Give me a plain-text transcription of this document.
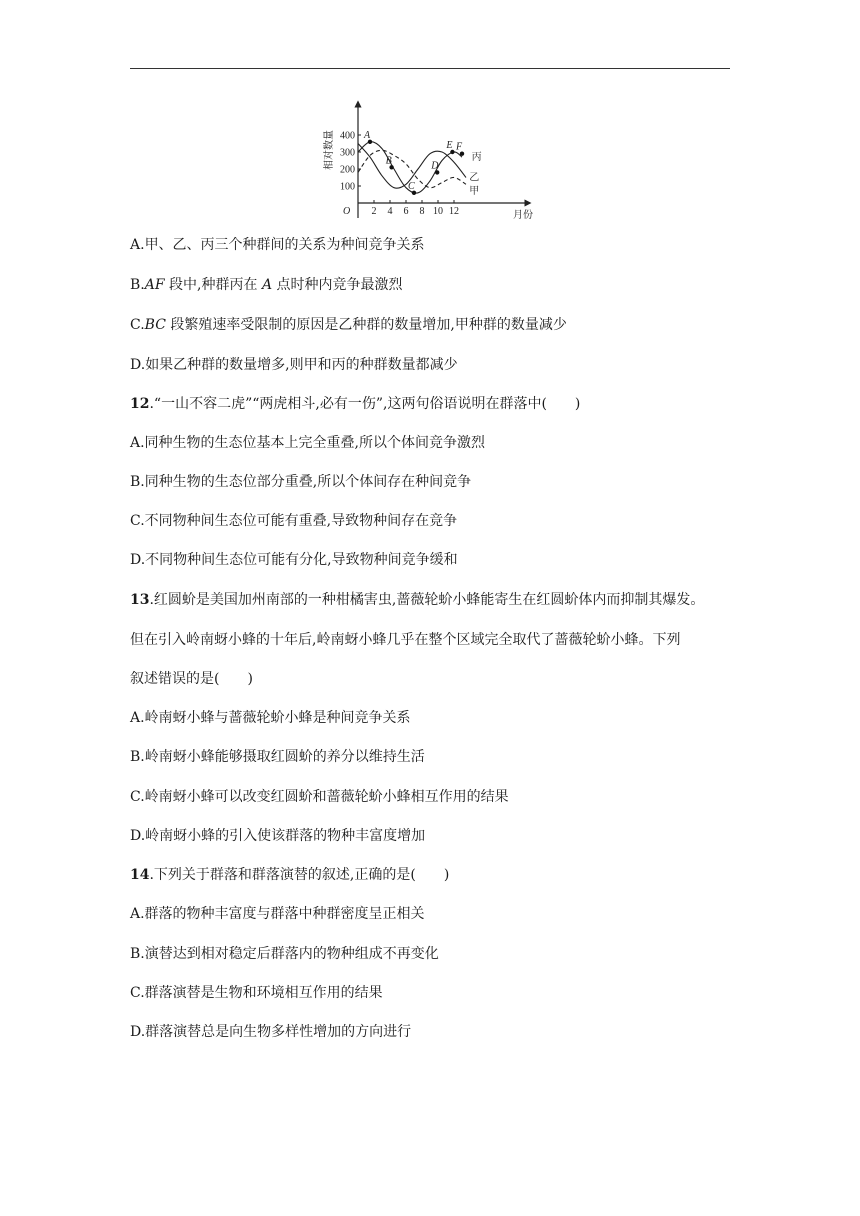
相对数量
月份
O 2 4 6 8 10 12
100
200
300
400 A
B
C
D
E F
丙
乙
甲
A.甲、乙、丙三个种群间的关系为种间竞争关系
B.AF 段中,种群丙在 A 点时种内竞争最激烈
C.BC 段繁殖速率受限制的原因是乙种群的数量增加,甲种群的数量减少
D.如果乙种群的数量增多,则甲和丙的种群数量都减少
12.“一山不容二虎”“两虎相斗,必有一伤”,这两句俗语说明在群落中(　　)
A.同种生物的生态位基本上完全重叠,所以个体间竞争激烈
B.同种生物的生态位部分重叠,所以个体间存在种间竞争
C.不同物种间生态位可能有重叠,导致物种间存在竞争
D.不同物种间生态位可能有分化,导致物种间竞争缓和
13.红圆蚧是美国加州南部的一种柑橘害虫,蔷薇轮蚧小蜂能寄生在红圆蚧体内而抑制其爆发。
但在引入岭南蚜小蜂的十年后,岭南蚜小蜂几乎在整个区域完全取代了蔷薇轮蚧小蜂。下列
叙述错误的是(　　)
A.岭南蚜小蜂与蔷薇轮蚧小蜂是种间竞争关系
B.岭南蚜小蜂能够摄取红圆蚧的养分以维持生活
C.岭南蚜小蜂可以改变红圆蚧和蔷薇轮蚧小蜂相互作用的结果
D.岭南蚜小蜂的引入使该群落的物种丰富度增加
14.下列关于群落和群落演替的叙述,正确的是(　　)
A.群落的物种丰富度与群落中种群密度呈正相关
B.演替达到相对稳定后群落内的物种组成不再变化
C.群落演替是生物和环境相互作用的结果
D.群落演替总是向生物多样性增加的方向进行
